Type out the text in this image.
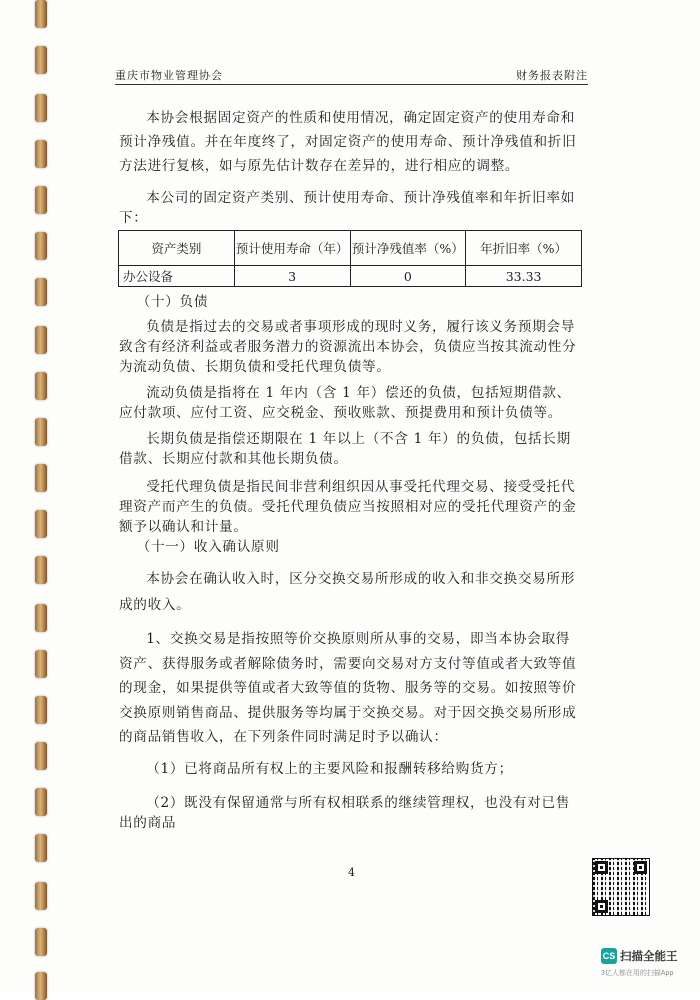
重庆市物业管理协会	财务报表附注

本协会根据固定资产的性质和使用情况，确定固定资产的使用寿命和预计净残值。并在年度终了，对固定资产的使用寿命、预计净残值和折旧方法进行复核，如与原先估计数存在差异的，进行相应的调整。

本公司的固定资产类别、预计使用寿命、预计净残值率和年折旧率如下：

资产类别	预计使用寿命（年）	预计净残值率（%）	年折旧率（%）
办公设备	3	0	33.33

（十）负债

负债是指过去的交易或者事项形成的现时义务，履行该义务预期会导致含有经济利益或者服务潜力的资源流出本协会，负债应当按其流动性分为流动负债、长期负债和受托代理负债等。

流动负债是指将在 1 年内（含 1 年）偿还的负债，包括短期借款、应付款项、应付工资、应交税金、预收账款、预提费用和预计负债等。

长期负债是指偿还期限在 1 年以上（不含 1 年）的负债，包括长期借款、长期应付款和其他长期负债。

受托代理负债是指民间非营利组织因从事受托代理交易、接受受托代理资产而产生的负债。受托代理负债应当按照相对应的受托代理资产的金额予以确认和计量。

（十一）收入确认原则

本协会在确认收入时，区分交换交易所形成的收入和非交换交易所形成的收入。

1、交换交易是指按照等价交换原则所从事的交易，即当本协会取得资产、获得服务或者解除债务时，需要向交易对方支付等值或者大致等值的现金，如果提供等值或者大致等值的货物、服务等的交易。如按照等价交换原则销售商品、提供服务等均属于交换交易。对于因交换交易所形成的商品销售收入，在下列条件同时满足时予以确认：

（1）已将商品所有权上的主要风险和报酬转移给购货方；

（2）既没有保留通常与所有权相联系的继续管理权，也没有对已售出的商品

4
CS 扫描全能王
3亿人都在用的扫描App
